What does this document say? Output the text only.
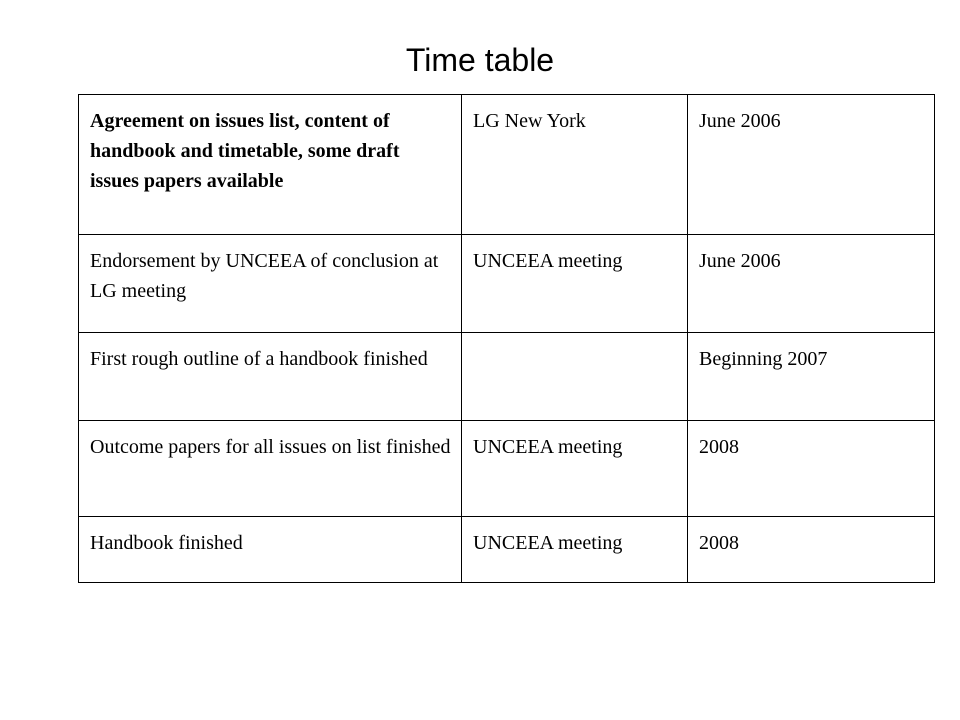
Time table
Agreement on issues list, content of handbook and timetable, some draft issues papers available	LG New York	June 2006
Endorsement by UNCEEA of conclusion at LG meeting	UNCEEA meeting	June 2006
First rough outline of a handbook finished		Beginning 2007
Outcome papers for all issues on list finished	UNCEEA meeting	2008
Handbook finished	UNCEEA meeting	2008
